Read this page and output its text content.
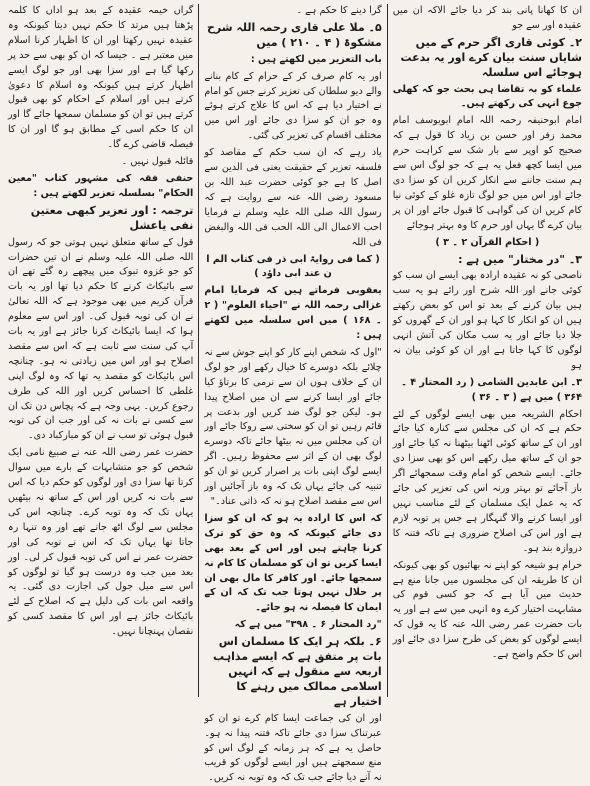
ان کا کھانا پانی بند کر دیا جائے الاکہ ان میں عقیدہ اور سے جو

۲۔ کوئی قاری اگر حرم کے میں شایاں سنت بیان کرے اور یہ بدعت ہوجائے اس سلسلہ

علماء کو بہ تقاضا ہی بحث جو کہ کھلی جوع انہی کی رکھتے ہیں۔

امام ابوحنیفہ رحمہ اللہ امام ابویوسف امام محمد زفر اور حسن بن زیاد کا قول ہے کہ صحیح کو اوپر سے بار شک سے کراہت حرم میں ایسا کچھ فعل یہ ہے کہ جو لوگ اس سے ہم سنت جاننے سے انکار کریں ان کو سزا دی جائے اور اس میں جو لوگ تازہ غلو کے کوئی نیا کام کریں ان کی گواہی کا قبول جائے اور ان پر بیان کرے گا یہاں اور حرم کا وہ بہتر ہوجائے

( احکام القرآن ۲ ۔ ۳ )

۳۔ "در مختار" میں ہے :

ناصحی کو نہ عقیدہ ارادہ بھی ایسے ان سب کو کوئی جانے اور اللہ شرح اور رائے ہو یہ سب ہیں بیان کرنے کے بعد تو اس کو بعض رکھتے ہیں ان کو انکار کا کہا ہو اور ان کے گھروں کو جلا دیا جائے اور یہ سب مکان کی آتش انہی لوگوں کا کہا جاتا ہے اور ان کو کوئی بیان نہ ہو

۳۔ ابن عابدین الشامی ( رد المحتار ۴ ۔ ۳۶۴ ) میں ہے ( ۳ ۔ ۳۶ )

احکام الشریعہ میں بھی ایسے لوگوں کے لئے حکم ہے کہ ان کی مجلس سے کنارہ کیا جائے اور ان کے ساتھ کوئی اٹھنا بیٹھنا نہ کیا جائے اور جو ان کے ساتھ میل رکھے اس کو بھی سزا دی جائے۔ ایسے شخص کو امام وقت سمجھائے اگر باز آجائے تو بہتر ورنہ اس کی تعزیر کی جائے کہ یہ عمل ایک مسلمان کے لئے مناسب نہیں اور ایسا کرنے والا گنہگار ہے جس پر توبہ لازم ہے اور اس کی اصلاح ضروری ہے تاکہ فتنہ کا دروازہ بند ہو۔

حرام ہو شیعہ کو اپنے نہ بھائیوں کو بھی کیونکہ ان کا طریقہ ان کی مجلسوں میں جانا منع ہے حدیث میں آیا ہے کہ جو کسی قوم کی مشابہت اختیار کرے وہ انہی میں سے ہے اور یہ بات حضرت عمر رضی اللہ عنہ کا یہ قول کہ ایسے لوگوں کو بعض کی طرح سزا دی جائے اور اس کا حکم واضح ہے۔

گرا دینے کا حکم ہے ۔

۵۔ ملا علی قاری رحمہ اللہ شرح مشکوۃ ( ۴ ۔ ۲۱۰ ) میں

باب التعزیر میں لکھتے ہیں :

اور یہ کام صرف کر کے حرام کے کام بنانے والے دیو سلطان کی تعزیر کرنے جس کو امام نے اختیار دیا ہے کہ اس کا علاج کرتے ہوئے وہ جو ان کو سزا دی جائے اور اس میں مختلف اقسام کی تعزیر کی گئی۔

یاد رہے کہ ان سب حکم کے مقاصد کو فلسفہ تعزیر کے حقیقت یعنی فی الدین سے اصل کا ہے جو کوئی حضرت عبد اللہ بن مسعود رضی اللہ عنہ سے روایت ہے کہ رسول اللہ صلی اللہ علیہ وسلم نے فرمایا احب الاعمال الی اللہ الحب فی اللہ والبغض فی اللہ

( کما فی روایۃ ابی ذر فی کتاب الم ا ن عند ابی داؤد )

یعقوبی فرماتے ہیں کہ فرمایا امام غزالی رحمہ اللہ نے "احیاء العلوم" ( ۲ ۔ ۱۶۸ ) میں اس سلسلہ میں لکھتے ہیں :

"اول کہ شخص اپنے کار کو اپنے جوش سے نہ چلائے بلکہ دوسرے کا خیال رکھے اور جو لوگ ان کے خلاف ہوں ان سے نرمی کا برتاؤ کیا جائے اور ایسا کرنے سے ان میں اصلاح پیدا ہو۔ لیکن جو لوگ ضد کریں اور بدعت پر قائم رہیں تو ان کو سختی سے روکا جائے اور ان کی مجلس میں نہ بیٹھا جائے تاکہ دوسرے لوگ بھی ان کے اثر سے محفوظ رہیں۔ اگر ایسے لوگ اپنی بات پر اصرار کریں تو ان کو تنبیہ کی جائے یہاں تک کہ وہ باز آجائیں اور اس سے مقصد اصلاح ہو نہ کہ ذاتی عناد۔"

کہ اس کا ارادہ یہ ہو کہ ان کو سزا دی جائے کیونکہ کہ وہ حق کو ترک کرنا چاہتے ہیں اور اس کے بعد بھی ایسا کریں تو ان کو مسلمان کا کام نہ سمجھا جائے۔ اور کافر کا مال بھی ان پر حلال نہیں ہوتا جب تک کہ ان کے ایمان کا فیصلہ نہ ہو جائے۔

"رد المحتار ۶ ۔ ۳۹۸" میں ہے کہ

۶۔ بلکہ ہر ایک کا مسلمان اس بات پر متفق ہے کہ ایسے مذاہب اربعہ سے منقول ہے کہ انہیں اسلامی ممالک میں رہنے کا اختیار ہے

اور ان کی جماعت ایسا کام کرے تو ان کو عبرتناک سزا دی جائے تاکہ فتنہ پیدا نہ ہو۔ حاصل یہ ہے کہ ہر زمانہ کے لوگ اس کو منع سمجھتے ہیں اور ایسے لوگوں کو قریب نہ آنے دیا جائے جب تک کہ وہ توبہ نہ کریں۔

گراں خیمہ عقیدہ کے بعد ہو اداں کا کلمہ پڑھتا ہیں مرتد کا حکم نہیں دیتا کیونکہ وہ عقیدہ نہیں رکھتا اور ان کا اظہار کرنا اسلام میں معتبر ہے ۔ جیسا کہ ان کو بھی سے حد پر رکھا گیا ہے اور سزا بھی اور جو لوگ ایسے اظہار کرتے ہیں کیونکہ وہ اسلام کا دعویٰ کرتے ہیں اور اسلام کے احکام کو بھی قبول کرتے ہیں تو ان کو مسلمان سمجھا جائے گا اور ان کا حکم اسی کے مطابق ہو گا اور ان کا فیصلہ قاضی کرے گا۔

قائلہ قبول نہیں ۔

حنفی فقہ کی مشہور کتاب "معین الحکام" بسلسلہ تعزیر لکھتے ہیں :

ترجمہ : اور تعزیر کبھی معتین نفی یاعشل

قول کے ساتھ متعلق نہیں ہوتی جو کہ رسول اللہ صلی اللہ علیہ وسلم نے ان تین حضرات کو جو غزوہ تبوک میں پیچھے رہ گئے تھے ان سے بائیکاٹ کرنے کا حکم دیا تھا اور یہ بات قرآن کریم میں بھی موجود ہے کہ اللہ تعالیٰ نے ان کی توبہ قبول کی۔ اور اس سے معلوم ہوا کہ ایسا بائیکاٹ کرنا جائز ہے اور یہ بات آپ کی سنت سے ثابت ہے کہ اس سے مقصد اصلاح ہو اور اس میں زیادتی نہ ہو۔ چنانچہ اس بائیکاٹ کو مقصد یہ تھا کہ وہ لوگ اپنی غلطی کا احساس کریں اور اللہ کی طرف رجوع کریں۔ یہی وجہ ہے کہ پچاس دن تک ان سے کسی نے بات نہ کی اور جب ان کی توبہ قبول ہوئی تو سب نے ان کو مبارکباد دی۔

حضرت عمر رضی اللہ عنہ نے صبیغ نامی ایک شخص کو جو متشابہات کے بارے میں سوال کرتا تھا سزا دی اور لوگوں کو حکم دیا کہ اس سے بات نہ کریں اور اس کے ساتھ نہ بیٹھیں یہاں تک کہ وہ توبہ کرے۔ چنانچہ اس کی مجلس سے لوگ اٹھ جاتے تھے اور وہ تنہا رہ جاتا تھا یہاں تک کہ اس نے توبہ کی اور حضرت عمر نے اس کی توبہ قبول کر لی۔ اور بعد میں جب وہ درست ہو گیا تو لوگوں کو اس سے میل جول کی اجازت دی گئی۔ یہ واقعہ اس بات کی دلیل ہے کہ اصلاح کے لئے بائیکاٹ جائز ہے اور اس کا مقصد کسی کو نقصان پہنچانا نہیں۔
